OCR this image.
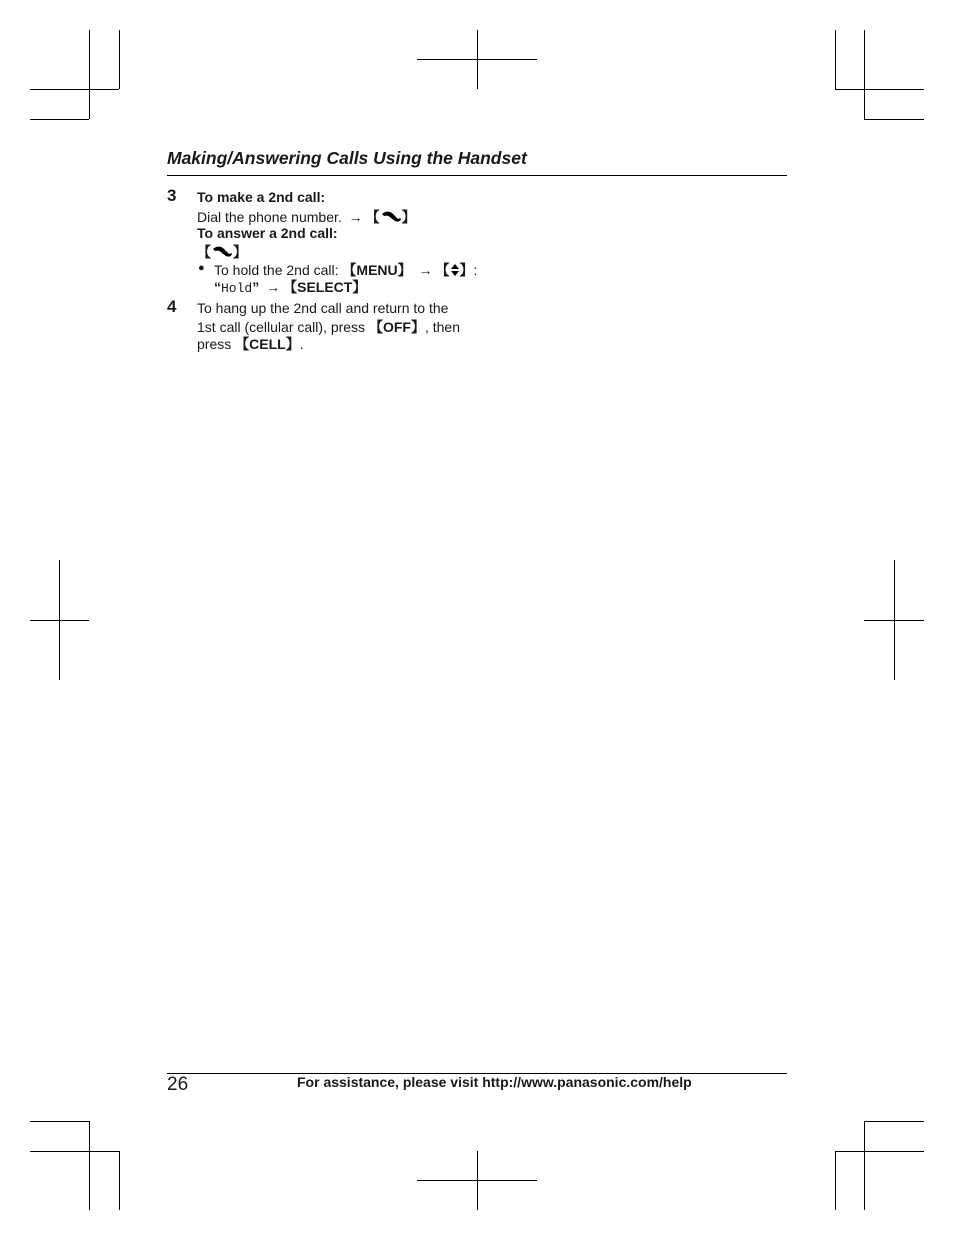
Making/Answering Calls Using the Handset
3 To make a 2nd call:
Dial the phone number. → 【 】
To answer a 2nd call:
【 】
● To hold the 2nd call: 【MENU】 → 【 】:
“Hold” → 【SELECT】
4 To hang up the 2nd call and return to the
1st call (cellular call), press 【OFF】, then
press 【CELL】.
26	For assistance, please visit http://www.panasonic.com/help
